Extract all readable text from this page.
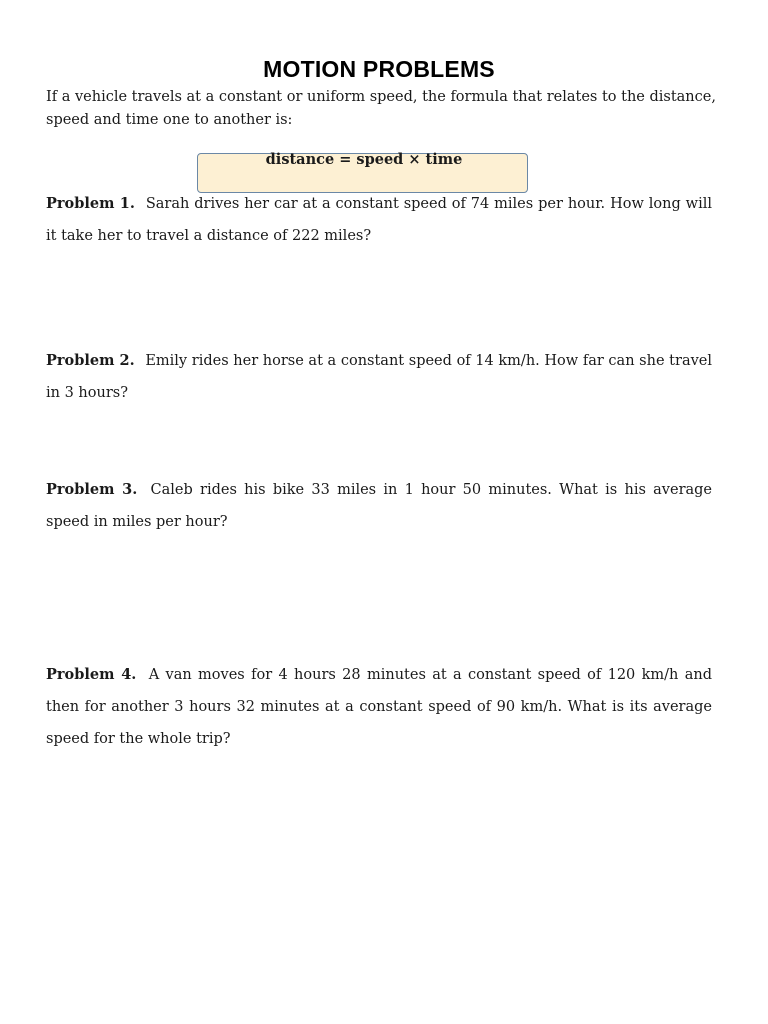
MOTION PROBLEMS
If a vehicle travels at a constant or uniform speed, the formula that relates to the distance, speed and time one to another is:
distance = speed × time
Problem 1. Sarah drives her car at a constant speed of 74 miles per hour. How long will it take her to travel a distance of 222 miles?
Problem 2. Emily rides her horse at a constant speed of 14 km/h. How far can she travel in 3 hours?
Problem 3. Caleb rides his bike 33 miles in 1 hour 50 minutes. What is his average speed in miles per hour?
Problem 4. A van moves for 4 hours 28 minutes at a constant speed of 120 km/h and then for another 3 hours 32 minutes at a constant speed of 90 km/h. What is its average speed for the whole trip?
